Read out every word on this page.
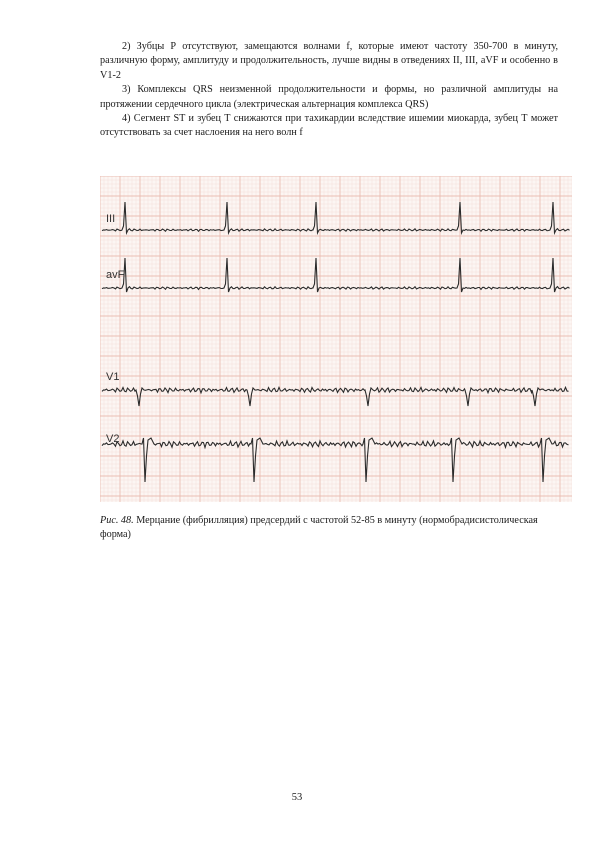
2) Зубцы Р отсутствуют, замещаются волнами f, которые имеют частоту 350-700 в минуту, различную форму, амплитуду и продолжительность, лучше видны в отведениях II, III, aVF и особенно в V1-2

3) Комплексы QRS неизменной продолжительности и формы, но различной амплитуды на протяжении сердечного цикла (электрическая альтернация комплекса QRS)

4) Сегмент ST и зубец Т снижаются при тахикардии вследствие ишемии миокарда, зубец Т может отсутствовать за счет наслоения на него волн f

III
avF
V1
V2
Рис. 48. Мерцание (фибрилляция) предсердий с частотой 52-85 в минуту (нормобрадисистолическая форма)
53
